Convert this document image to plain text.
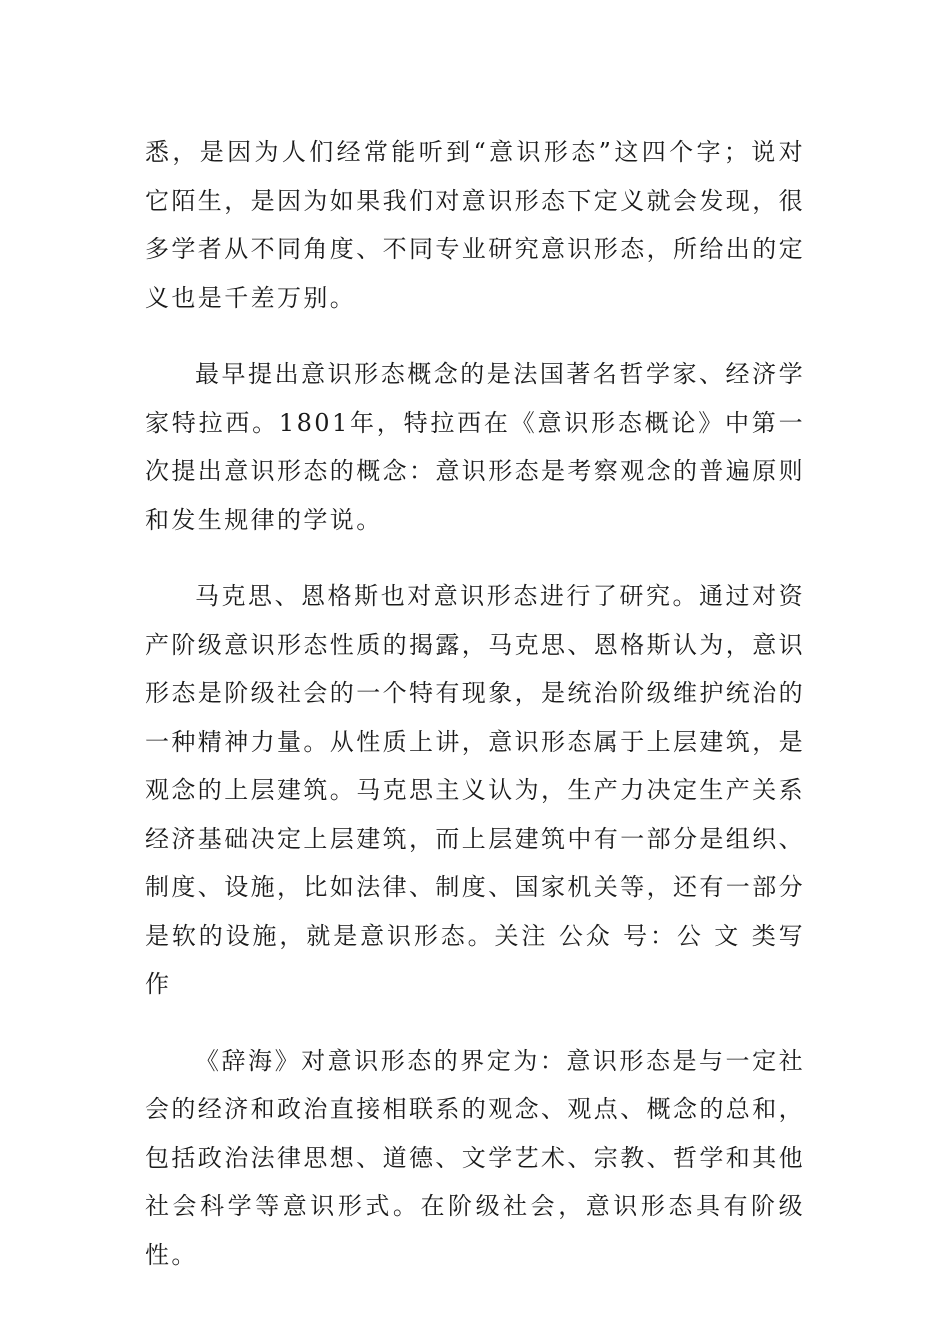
悉，是因为人们经常能听到“意识形态”这四个字；说对它陌生，是因为如果我们对意识形态下定义就会发现，很多学者从不同角度、不同专业研究意识形态，所给出的定义也是千差万别。

最早提出意识形态概念的是法国著名哲学家、经济学家特拉西。1801年，特拉西在《意识形态概论》中第一次提出意识形态的概念：意识形态是考察观念的普遍原则和发生规律的学说。

马克思、恩格斯也对意识形态进行了研究。通过对资产阶级意识形态性质的揭露，马克思、恩格斯认为，意识形态是阶级社会的一个特有现象，是统治阶级维护统治的一种精神力量。从性质上讲，意识形态属于上层建筑，是观念的上层建筑。马克思主义认为，生产力决定生产关系经济基础决定上层建筑，而上层建筑中有一部分是组织、制度、设施，比如法律、制度、国家机关等，还有一部分是软的设施，就是意识形态。关注 公众 号：公 文 类写作

《辞海》对意识形态的界定为：意识形态是与一定社会的经济和政治直接相联系的观念、观点、概念的总和，包括政治法律思想、道德、文学艺术、宗教、哲学和其他社会科学等意识形式。在阶级社会，意识形态具有阶级性。
